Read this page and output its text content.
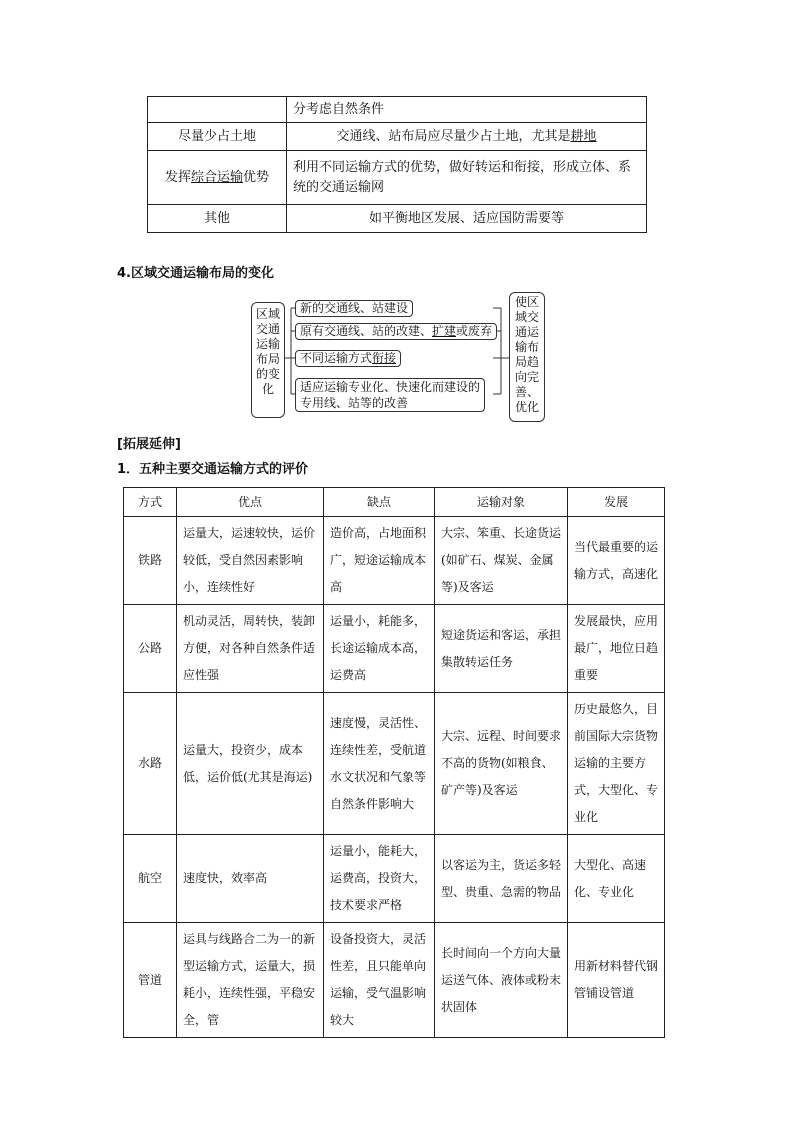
	分考虑自然条件
尽量少占土地	交通线、站布局应尽量少占土地，尤其是耕地
发挥综合运输优势	利用不同运输方式的优势，做好转运和衔接，形成立体、系统的交通运输网
其他	如平衡地区发展、适应国防需要等
4.区域交通运输布局的变化
区域
交通
运输
布局
的变
化
新的交通线、站建设
原有交通线、站的改建、扩建或废弃
不同运输方式衔接
适应运输专业化、快速化而建设的
专用线、站等的改善
使区
域交
通运
输布
局趋
向完
善、
优化
[拓展延伸]
1．五种主要交通运输方式的评价
方式	优点	缺点	运输对象	发展
铁路	运量大，运速较快，运价较低，受自然因素影响小，连续性好	造价高，占地面积广，短途运输成本高	大宗、笨重、长途货运(如矿石、煤炭、金属等)及客运	当代最重要的运输方式，高速化
公路	机动灵活，周转快，装卸方便，对各种自然条件适应性强	运量小，耗能多，长途运输成本高，运费高	短途货运和客运，承担集散转运任务	发展最快，应用最广，地位日趋重要
水路	运量大，投资少，成本低，运价低(尤其是海运)	速度慢，灵活性、连续性差，受航道水文状况和气象等自然条件影响大	大宗、远程、时间要求不高的货物(如粮食、矿产等)及客运	历史最悠久，目前国际大宗货物运输的主要方式，大型化、专业化
航空	速度快，效率高	运量小，能耗大，运费高，投资大，技术要求严格	以客运为主，货运多轻型、贵重、急需的物品	大型化、高速化、专业化
管道	运具与线路合二为一的新型运输方式，运量大，损耗小，连续性强，平稳安全，管	设备投资大，灵活性差，且只能单向运输，受气温影响较大	长时间向一个方向大量运送气体、液体或粉末状固体	用新材料替代钢管铺设管道
